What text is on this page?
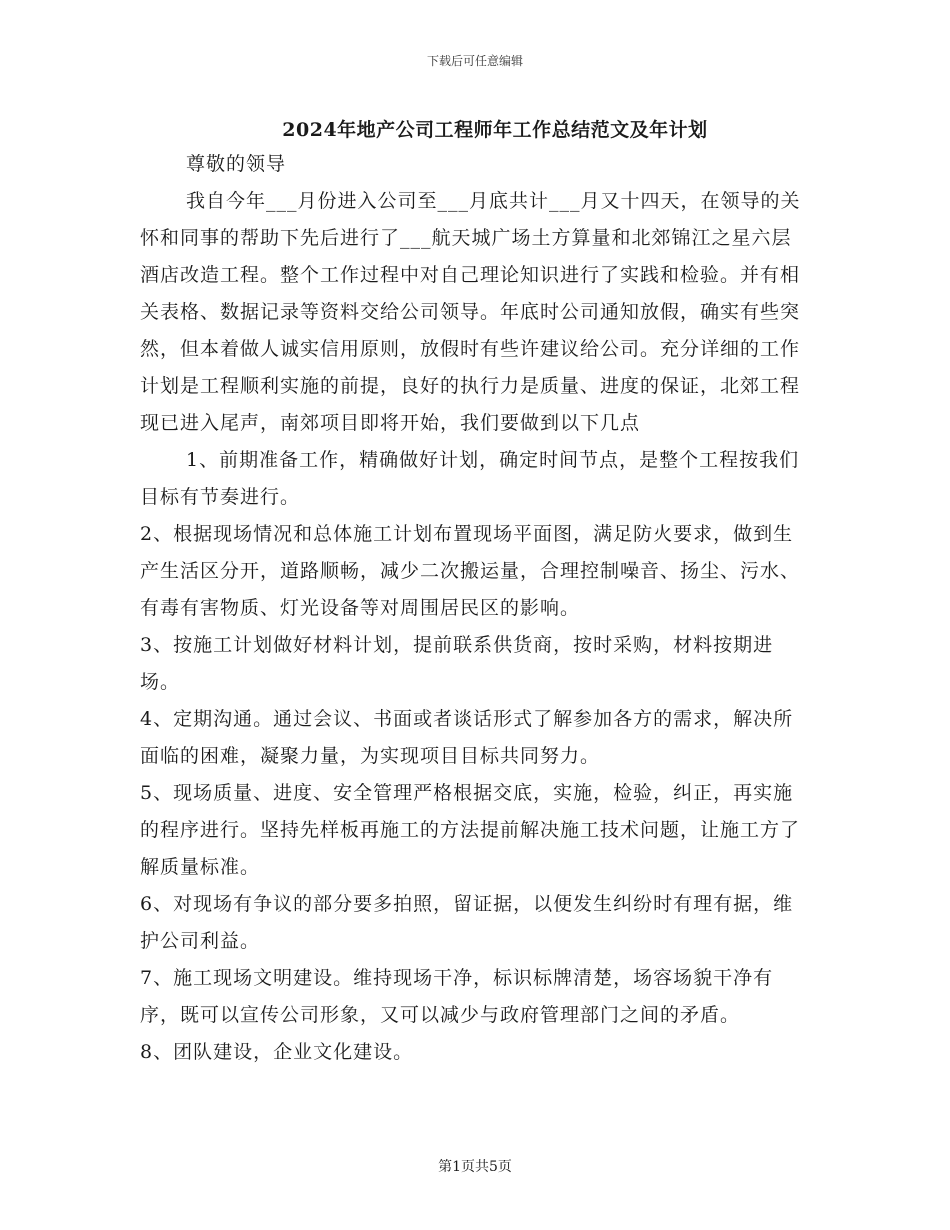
下载后可任意编辑
2024年地产公司工程师年工作总结范文及年计划

尊敬的领导

我自今年___月份进入公司至___月底共计___月又十四天，在领导的关怀和同事的帮助下先后进行了___航天城广场土方算量和北郊锦江之星六层酒店改造工程。整个工作过程中对自己理论知识进行了实践和检验。并有相关表格、数据记录等资料交给公司领导。年底时公司通知放假，确实有些突然，但本着做人诚实信用原则，放假时有些许建议给公司。充分详细的工作计划是工程顺利实施的前提，良好的执行力是质量、进度的保证，北郊工程现已进入尾声，南郊项目即将开始，我们要做到以下几点

1、前期准备工作，精确做好计划，确定时间节点，是整个工程按我们目标有节奏进行。

2、根据现场情况和总体施工计划布置现场平面图，满足防火要求，做到生产生活区分开，道路顺畅，减少二次搬运量，合理控制噪音、扬尘、污水、有毒有害物质、灯光设备等对周围居民区的影响。

3、按施工计划做好材料计划，提前联系供货商，按时采购，材料按期进场。

4、定期沟通。通过会议、书面或者谈话形式了解参加各方的需求，解决所面临的困难，凝聚力量，为实现项目目标共同努力。

5、现场质量、进度、安全管理严格根据交底，实施，检验，纠正，再实施的程序进行。坚持先样板再施工的方法提前解决施工技术问题，让施工方了解质量标准。

6、对现场有争议的部分要多拍照，留证据，以便发生纠纷时有理有据，维护公司利益。

7、施工现场文明建设。维持现场干净，标识标牌清楚，场容场貌干净有序，既可以宣传公司形象，又可以减少与政府管理部门之间的矛盾。

8、团队建设，企业文化建设。

第1页共5页
